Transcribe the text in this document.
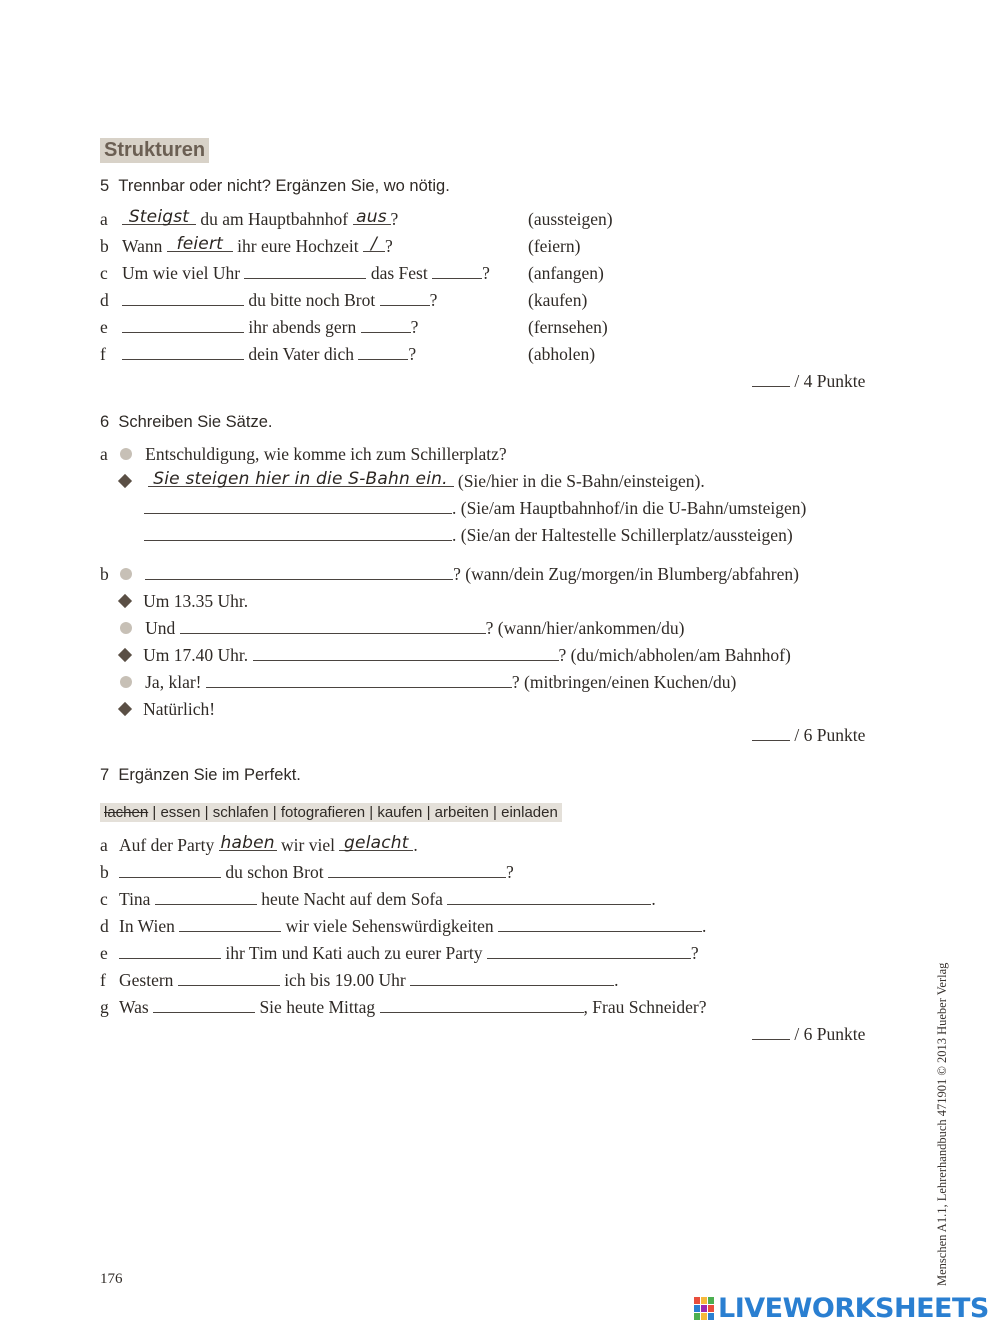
Strukturen
5 Trennbar oder nicht? Ergänzen Sie, wo nötig.
a Steigst du am Hauptbahnhof aus ?	(aussteigen)
b Wann feiert ihr eure Hochzeit / ?	(feiern)
c Um wie viel Uhr	das Fest	? (anfangen)
d	du bitte noch Brot	?	(kaufen)
e	ihr abends gern	?	(fernsehen)
f	dein Vater dich	?	(abholen)
/ 4 Punkte
6 Schreiben Sie Sätze.
a Entschuldigung, wie komme ich zum Schillerplatz?
Sie steigen hier in die S-Bahn ein. (Sie/hier in die S-Bahn/einsteigen).
. (Sie/am Hauptbahnhof/in die U-Bahn/umsteigen)
. (Sie/an der Haltestelle Schillerplatz/aussteigen)
b	? (wann/dein Zug/morgen/in Blumberg/abfahren)
Um 13.35 Uhr.
Und	? (wann/hier/ankommen/du)
Um 17.40 Uhr.	? (du/mich/abholen/am Bahnhof)
Ja, klar!	? (mitbringen/einen Kuchen/du)
Natürlich!
/ 6 Punkte
7 Ergänzen Sie im Perfekt.
lachen | essen | schlafen | fotografieren | kaufen | arbeiten | einladen
a Auf der Party haben wir viel gelacht .
b	du schon Brot	?
c Tina	heute Nacht auf dem Sofa	.
d In Wien	wir viele Sehenswürdigkeiten	.
e	ihr Tim und Kati auch zu eurer Party	?
f Gestern	ich bis 19.00 Uhr	.
g Was	Sie heute Mittag	, Frau Schneider?
/ 6 Punkte
176	Menschen A1.1, Lehrerhandbuch 471901 © 2013 Hueber Verlag
LIVEWORKSHEETS
